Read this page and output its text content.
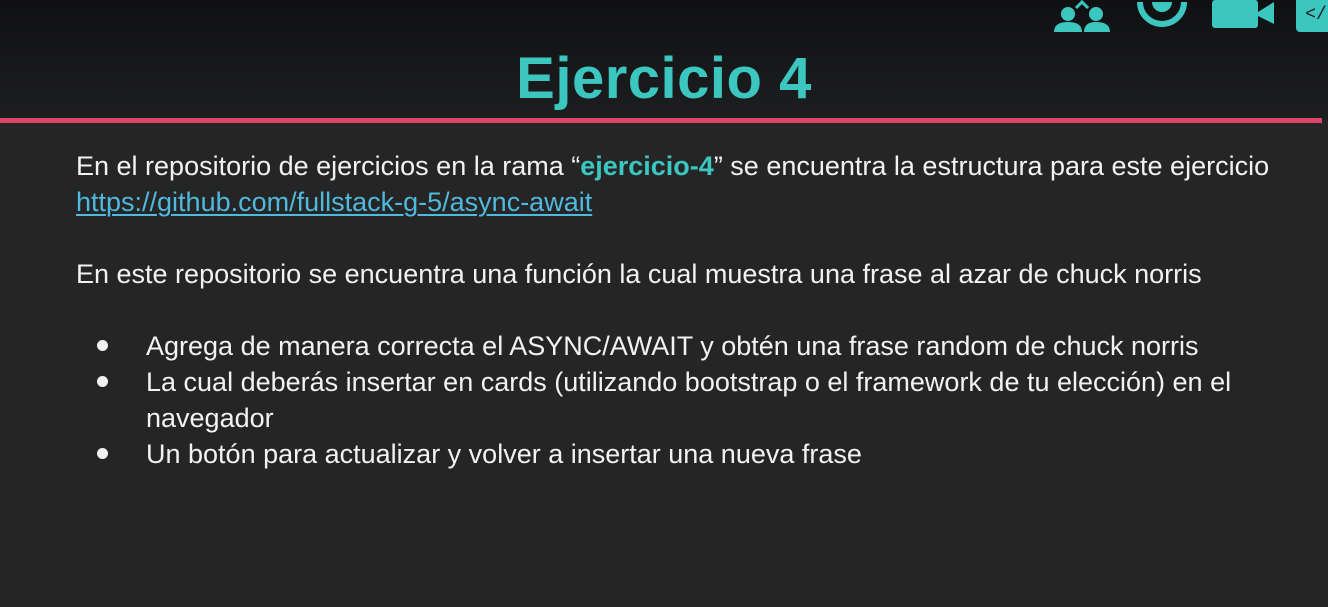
</
Ejercicio 4

En el repositorio de ejercicios en la rama “ejercicio-4” se encuentra la estructura para este ejercicio

https://github.com/fullstack-g-5/async-await

En este repositorio se encuentra una función la cual muestra una frase al azar de chuck norris

Agrega de manera correcta el ASYNC/AWAIT y obtén una frase random de chuck norris
La cual deberás insertar en cards (utilizando bootstrap o el framework de tu elección) en el navegador
Un botón para actualizar y volver a insertar una nueva frase
